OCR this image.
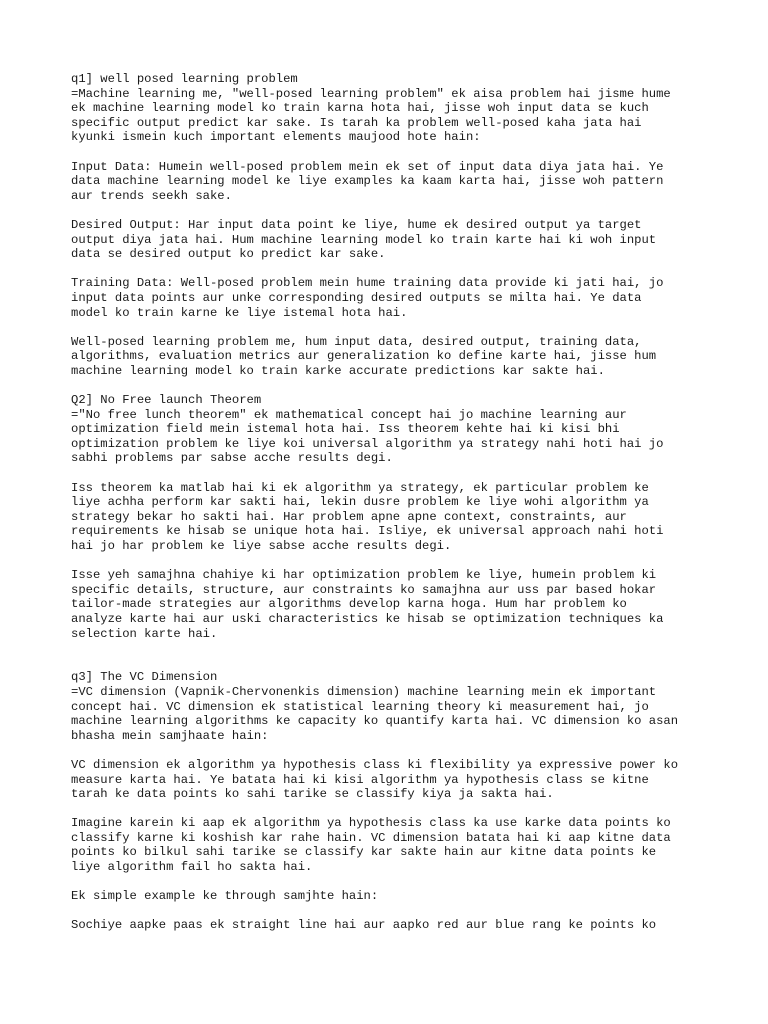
q1] well posed learning problem
=Machine learning me, "well-posed learning problem" ek aisa problem hai jisme hume
ek machine learning model ko train karna hota hai, jisse woh input data se kuch
specific output predict kar sake. Is tarah ka problem well-posed kaha jata hai
kyunki ismein kuch important elements maujood hote hain:
Input Data: Humein well-posed problem mein ek set of input data diya jata hai. Ye
data machine learning model ke liye examples ka kaam karta hai, jisse woh pattern
aur trends seekh sake.
Desired Output: Har input data point ke liye, hume ek desired output ya target
output diya jata hai. Hum machine learning model ko train karte hai ki woh input
data se desired output ko predict kar sake.
Training Data: Well-posed problem mein hume training data provide ki jati hai, jo
input data points aur unke corresponding desired outputs se milta hai. Ye data
model ko train karne ke liye istemal hota hai.
Well-posed learning problem me, hum input data, desired output, training data,
algorithms, evaluation metrics aur generalization ko define karte hai, jisse hum
machine learning model ko train karke accurate predictions kar sakte hai.
Q2] No Free launch Theorem
="No free lunch theorem" ek mathematical concept hai jo machine learning aur
optimization field mein istemal hota hai. Iss theorem kehte hai ki kisi bhi
optimization problem ke liye koi universal algorithm ya strategy nahi hoti hai jo
sabhi problems par sabse acche results degi.
Iss theorem ka matlab hai ki ek algorithm ya strategy, ek particular problem ke
liye achha perform kar sakti hai, lekin dusre problem ke liye wohi algorithm ya
strategy bekar ho sakti hai. Har problem apne apne context, constraints, aur
requirements ke hisab se unique hota hai. Isliye, ek universal approach nahi hoti
hai jo har problem ke liye sabse acche results degi.
Isse yeh samajhna chahiye ki har optimization problem ke liye, humein problem ki
specific details, structure, aur constraints ko samajhna aur uss par based hokar
tailor-made strategies aur algorithms develop karna hoga. Hum har problem ko
analyze karte hai aur uski characteristics ke hisab se optimization techniques ka
selection karte hai.
q3] The VC Dimension
=VC dimension (Vapnik-Chervonenkis dimension) machine learning mein ek important
concept hai. VC dimension ek statistical learning theory ki measurement hai, jo
machine learning algorithms ke capacity ko quantify karta hai. VC dimension ko asan
bhasha mein samjhaate hain:
VC dimension ek algorithm ya hypothesis class ki flexibility ya expressive power ko
measure karta hai. Ye batata hai ki kisi algorithm ya hypothesis class se kitne
tarah ke data points ko sahi tarike se classify kiya ja sakta hai.
Imagine karein ki aap ek algorithm ya hypothesis class ka use karke data points ko
classify karne ki koshish kar rahe hain. VC dimension batata hai ki aap kitne data
points ko bilkul sahi tarike se classify kar sakte hain aur kitne data points ke
liye algorithm fail ho sakta hai.
Ek simple example ke through samjhte hain:
Sochiye aapke paas ek straight line hai aur aapko red aur blue rang ke points ko
